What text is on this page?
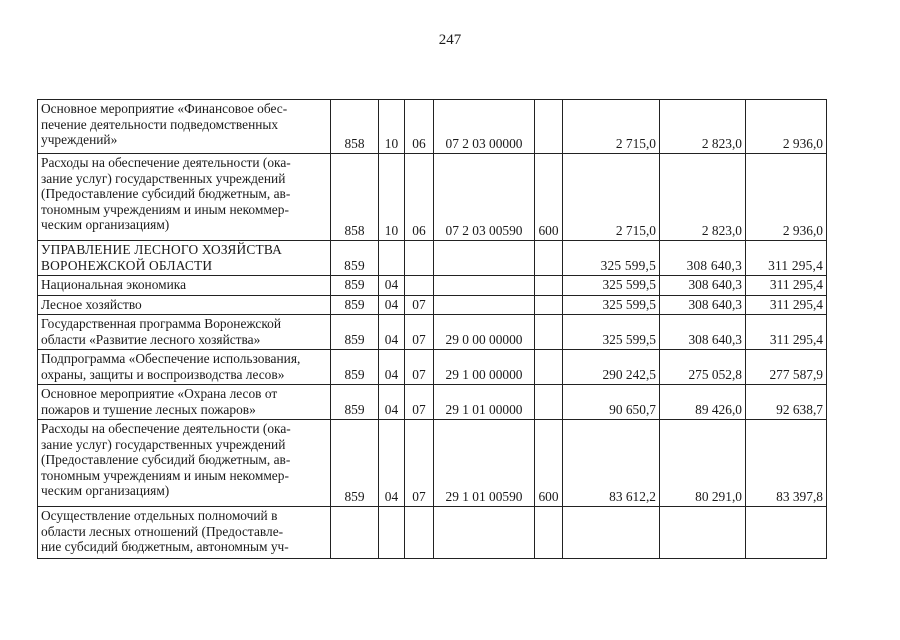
247
Основное мероприятие «Финансовое обес-
печение деятельности подведомственных
учреждений»	858	10	06	07 2 03 00000		2 715,0	2 823,0	2 936,0

Расходы на обеспечение деятельности (ока-
зание услуг) государственных учреждений
(Предоставление субсидий бюджетным, ав-
тономным учреждениям и иным некоммер-
ческим организациям)	858	10	06	07 2 03 00590	600	2 715,0	2 823,0	2 936,0

УПРАВЛЕНИЕ ЛЕСНОГО ХОЗЯЙСТВА
ВОРОНЕЖСКОЙ ОБЛАСТИ	859					325 599,5	308 640,3	311 295,4

Национальная экономика	859	04				325 599,5	308 640,3	311 295,4

Лесное хозяйство	859	04	07			325 599,5	308 640,3	311 295,4

Государственная программа Воронежской
области «Развитие лесного хозяйства»	859	04	07	29 0 00 00000		325 599,5	308 640,3	311 295,4

Подпрограмма «Обеспечение использования,
охраны, защиты и воспроизводства лесов»	859	04	07	29 1 00 00000		290 242,5	275 052,8	277 587,9

Основное мероприятие «Охрана лесов от
пожаров и тушение лесных пожаров»	859	04	07	29 1 01 00000		90 650,7	89 426,0	92 638,7

Расходы на обеспечение деятельности (ока-
зание услуг) государственных учреждений
(Предоставление субсидий бюджетным, ав-
тономным учреждениям и иным некоммер-
ческим организациям)	859	04	07	29 1 01 00590	600	83 612,2	80 291,0	83 397,8

Осуществление отдельных полномочий в
области лесных отношений (Предоставле-
ние субсидий бюджетным, автономным уч-								
